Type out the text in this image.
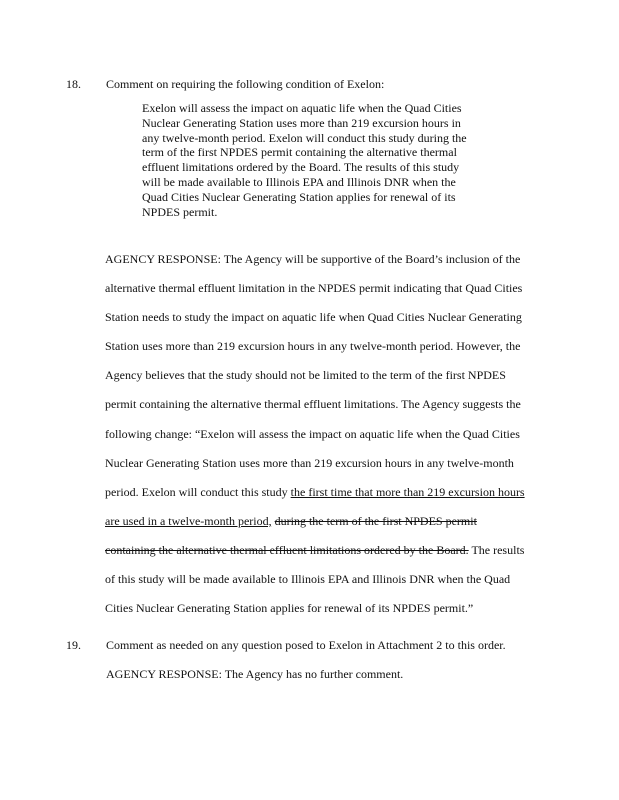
18. Comment on requiring the following condition of Exelon:
Exelon will assess the impact on aquatic life when the Quad Cities Nuclear Generating Station uses more than 219 excursion hours in any twelve-month period. Exelon will conduct this study during the term of the first NPDES permit containing the alternative thermal effluent limitations ordered by the Board. The results of this study will be made available to Illinois EPA and Illinois DNR when the Quad Cities Nuclear Generating Station applies for renewal of its NPDES permit.
AGENCY RESPONSE: The Agency will be supportive of the Board’s inclusion of the alternative thermal effluent limitation in the NPDES permit indicating that Quad Cities Station needs to study the impact on aquatic life when Quad Cities Nuclear Generating Station uses more than 219 excursion hours in any twelve-month period. However, the Agency believes that the study should not be limited to the term of the first NPDES permit containing the alternative thermal effluent limitations. The Agency suggests the following change: “Exelon will assess the impact on aquatic life when the Quad Cities Nuclear Generating Station uses more than 219 excursion hours in any twelve-month period. Exelon will conduct this study the first time that more than 219 excursion hours are used in a twelve-month period, during the term of the first NPDES permit containing the alternative thermal effluent limitations ordered by the Board. The results of this study will be made available to Illinois EPA and Illinois DNR when the Quad Cities Nuclear Generating Station applies for renewal of its NPDES permit.”
19. Comment as needed on any question posed to Exelon in Attachment 2 to this order.
AGENCY RESPONSE: The Agency has no further comment.
